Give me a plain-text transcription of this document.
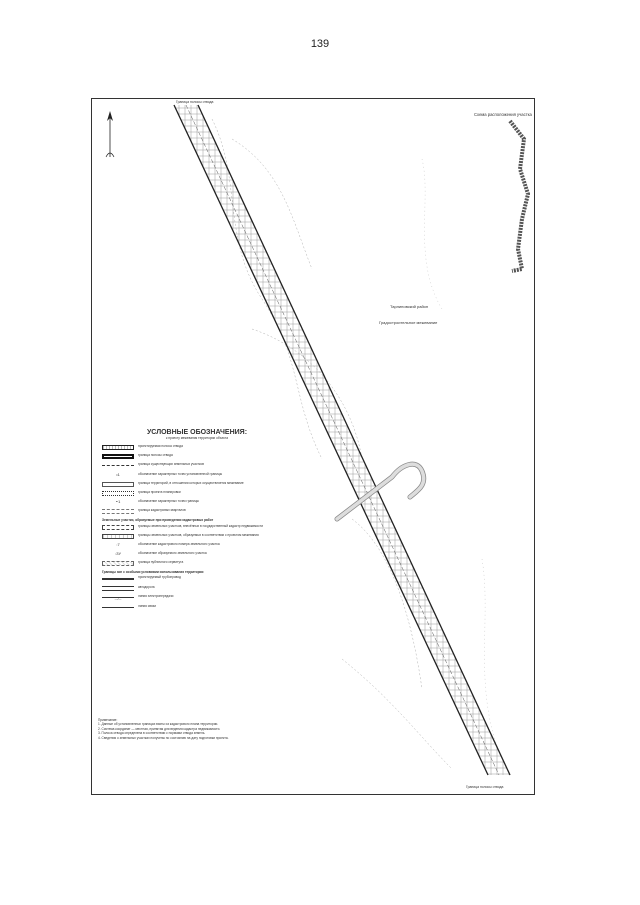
139
Граница полосы отвода
Граница полосы отвода
Схема расположения участка
Тарлиновский район
Градостроительное межевание
УСЛОВНЫЕ ОБОЗНАЧЕНИЯ:
к проекту межевания территории объекта
проектируемая полоса отвода
граница полосы отвода
граница существующих земельных участков
•1	обозначение характерных точек установленной границы
граница территорий, в отношении которых осуществляется межевание
граница проекта планировки
∘1	обозначение характерных точек границы
граница кадастровых кварталов
Земельные участки, образуемые при проведении кадастровых работ
границы земельных участков, внесённых в государственный кадастр недвижимости
границы земельных участков, образуемых в соответствии с проектом межевания
:7	обозначение кадастрового номера земельного участка
:ЗУ	обозначение образуемого земельного участка
граница публичного сервитута
Границы зон с особыми условиями использования территории
проектируемый трубопровод
автодорога
—/—
линия электропередачи
линия связи
Примечание:
1. Данные об установленных границах взяты из кадастрового плана территории.
2. Система координат — местная, принятая для ведения кадастра недвижимости.
3. Полоса отвода определена в соответствии с нормами отвода земель.
4. Сведения о земельных участках получены по состоянию на дату подготовки проекта.
